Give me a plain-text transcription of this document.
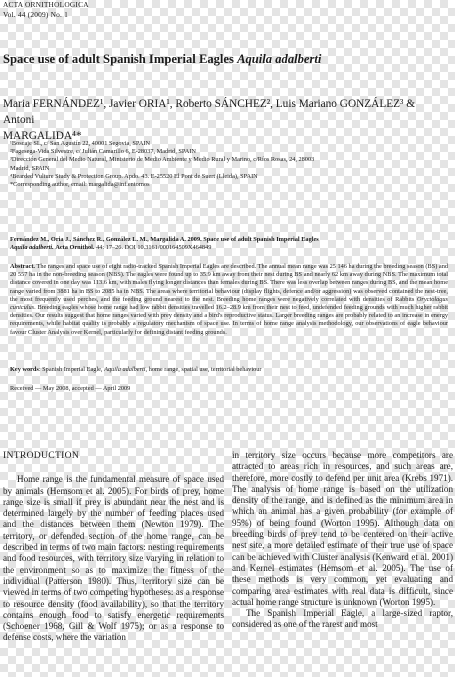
ACTA ORNITHOLOGICA
Vol. 44 (2009) No. 1
Space use of adult Spanish Imperial Eagles Aquila adalberti
Maria FERNÁNDEZ¹, Javier ORIA¹, Roberto SÁNCHEZ², Luis Mariano GONZÁLEZ³ & Antoni
MARGALIDA⁴*
¹Boscaje SL, c/ San Agustín 22, 40001 Segovia, SPAIN
²Fagesega-Vida Silvestre, c/ Julián Camarillo 6, E-28037, Madrid, SPAIN
³Dirección General del Medio Natural, Ministerio de Medio Ambiente y Medio Rural y Marino, c/Ríos Rosas, 24, 28003
Madrid, SPAIN
⁴Bearded Vulture Study & Protection Group. Apdo. 43. E-25520 El Pont de Suert (Lleida), SPAIN
*Corresponding author, email: margalida@inf.entornos
Fernández M., Oria J., Sánchez R., González L. M., Margalida A. 2009. Space use of adult Spanish Imperial Eagles
Aquila adalberti. Acta Ornithol. 44: 17–26. DOI 10.3161/000164509X464849
Abstract. The ranges and space use of eight radio-tracked Spanish Imperial Eagles are described. The annual mean range was 25 146 ha during the breeding season (BS) and 20 557 ha in the non-breeding season (NBS). The eagles were found up to 35.9 km away from their nest during BS and nearly 62 km away during NBS. The maximum total distance covered in one day was 113.6 km, with males flying longer distances than females during BS. There was less overlap between ranges during BS, and the mean home range varied from 3881 ha in BS to 2085 ha in NBS. The areas where territorial behaviour (display flights, defence and/or aggression) was observed contained the nest-tree, the most frequently used perches, and the feeding ground nearest to the nest. Breeding home ranges were negatively correlated with densities of Rabbits Oryctolagus cuniculus. Breeding eagles whose home range had low rabbit densities travelled 16.2–28.9 km from their nest to feed, undefended feeding grounds with much higher rabbit densities. Our results suggest that home ranges varied with prey density and a bird's reproductive status. Larger breeding ranges are probably related to an increase in energy requirements, while habitat quality is probably a regulatory mechanism of space use. In terms of home range analysis methodology, our observations of eagle behaviour favour Cluster Analysis over Kernel, particularly for defining distant feeding grounds.
Key words: Spanish Imperial Eagle, Aquila adalberti, home range, spatial use, territorial behaviour
Received — May 2008, accepted — April 2009
INTRODUCTION

Home range is the fundamental measure of space used by animals (Hemsom et al. 2005). For birds of prey, home range size is small if prey is abundant near the nest and is determined largely by the number of feeding places used and the distances between them (Newton 1979). The territory, or defended section of the home range, can be described in terms of two main factors: nesting requirements and food resources, with territory size varying in relation to the environment so as to maximize the fitness of the individual (Patterson 1980). Thus, territory size can be viewed in terms of two competing hypotheses: as a response to resource density (food availability), so that the territory contains enough food to satisfy energetic requirements (Schoener 1968, Gill & Wolf 1975); or as a response to defense costs, where the variation

in territory size occurs because more competitors are attracted to areas rich in resources, and such areas are, therefore, more costly to defend per unit area (Krebs 1971). The analysis of home range is based on the utilization density of the range, and is defined as the minimum area in which an animal has a given probability (for example of 95%) of being found (Worton 1995). Although data on breeding birds of prey tend to be centered on their active nest site, a more detailed estimate of their true use of space can be achieved with Cluster analysis (Kenward et al. 2001) and Kernel estimates (Hemsom et al. 2005). The use of these methods is very common, yet evaluating and comparing area estimates with real data is difficult, since actual home range structure is unknown (Worton 1995).

The Spanish Imperial Eagle, a large-sized raptor, considered as one of the rarest and most
